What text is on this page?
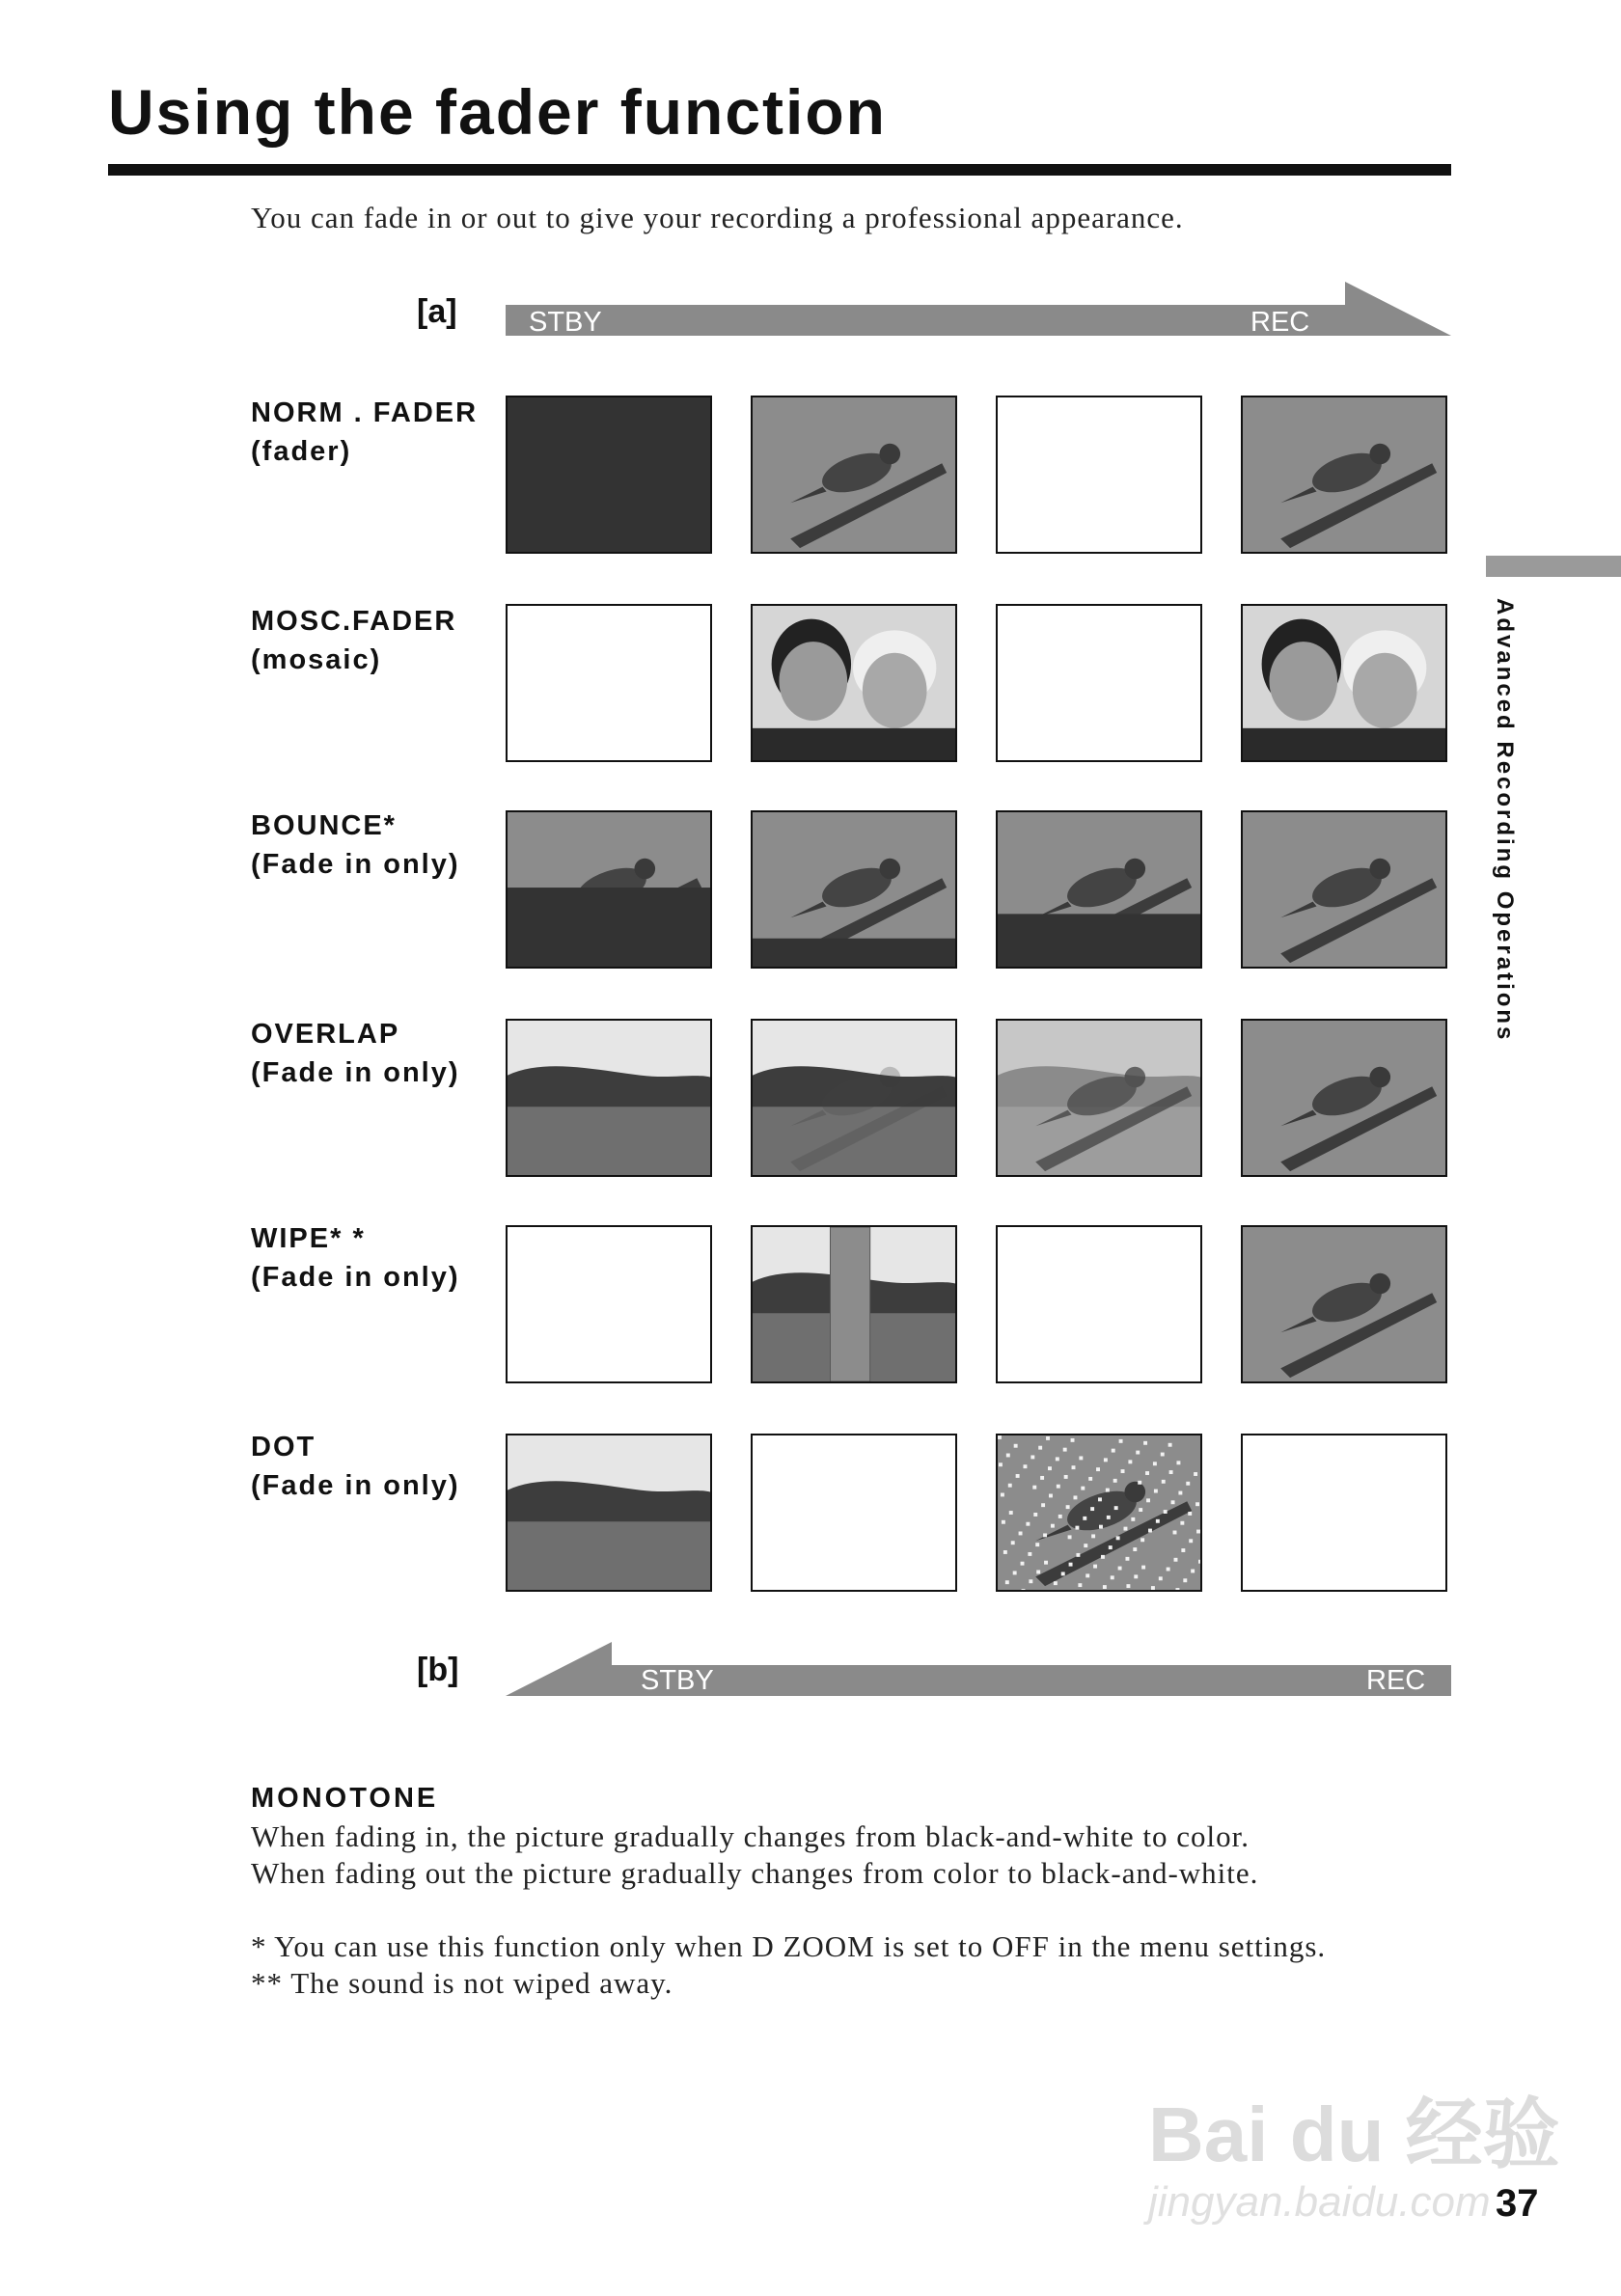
Using the fader function
You can fade in or out to give your recording a professional appearance.
[a]	STBY	REC
NORM . FADER
(fader)
MOSC.FADER
(mosaic)
BOUNCE*
(Fade in only)
OVERLAP
(Fade in only)
WIPE* *
(Fade in only)
DOT
(Fade in only)
[b]	STBY	REC
Advanced Recording Operations
MONOTONE
When fading in, the picture gradually changes from black-and-white to color.
When fading out the picture gradually changes from color to black-and-white.
* You can use this function only when D ZOOM is set to OFF in the menu settings.
** The sound is not wiped away.
Bai du 经验
jingyan.baidu.com 37
